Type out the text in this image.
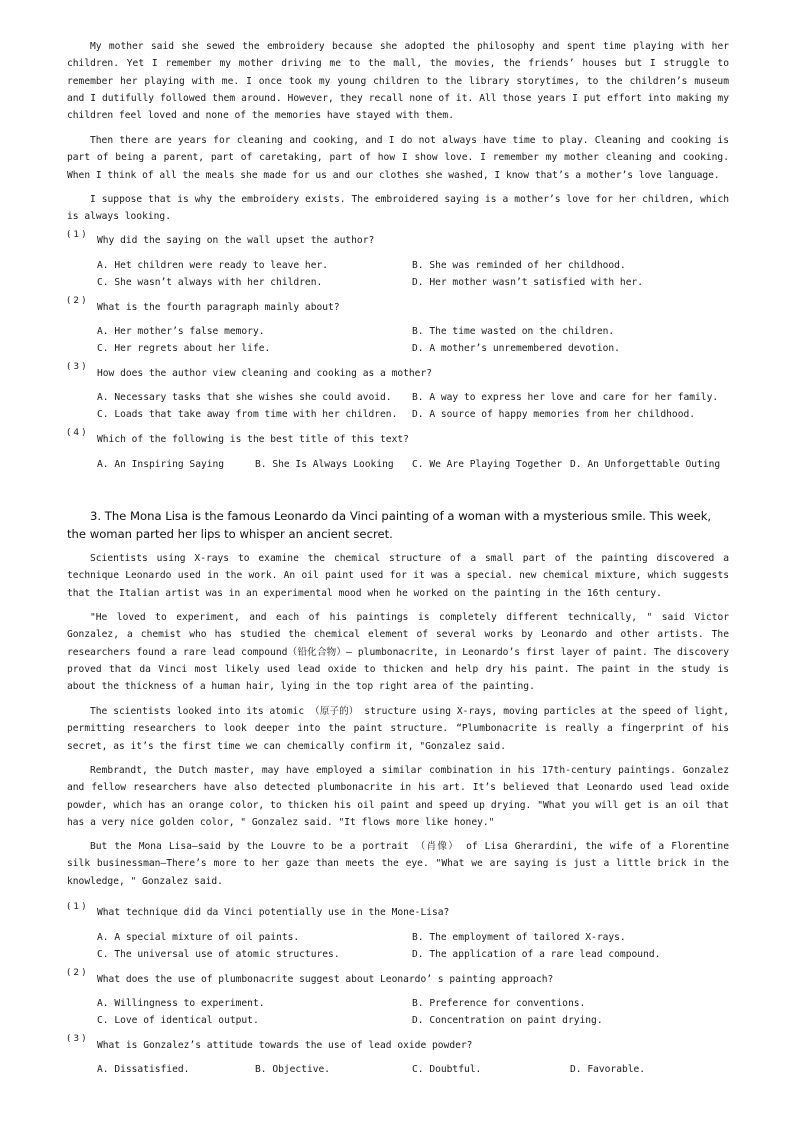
My mother said she sewed the embroidery because she adopted the philosophy and spent time playing with her children. Yet I remember my mother driving me to the mall, the movies, the friends’ houses but I struggle to remember her playing with me. I once took my young children to the library storytimes, to the children’s museum and I dutifully followed them around. However, they recall none of it. All those years I put effort into making my children feel loved and none of the memories have stayed with them.

Then there are years for cleaning and cooking, and I do not always have time to play. Cleaning and cooking is part of being a parent, part of caretaking, part of how I show love. I remember my mother cleaning and cooking. When I think of all the meals she made for us and our clothes she washed, I know that’s a mother’s love language.

I suppose that is why the embroidery exists. The embroidered saying is a mother’s love for her children, which is always looking.

( 1 ) Why did the saying on the wall upset the author?
A. Het children were ready to leave her.	B. She was reminded of her childhood.
C. She wasn’t always with her children.	D. Her mother wasn’t satisfied with her.
( 2 )
What is the fourth paragraph mainly about?
A. Her mother’s false memory.	B. The time wasted on the children.
C. Her regrets about her life.	D. A mother’s unremembered devotion.
( 3 )
How does the author view cleaning and cooking as a mother?
A. Necessary tasks that she wishes she could avoid. B. A way to express her love and care for her family.
C. Loads that take away from time with her children. D. A source of happy memories from her childhood.
( 4 )
Which of the following is the best title of this text?
A. An Inspiring Saying	B. She Is Always Looking C. We Are Playing Together D. An Unforgettable Outing

3. The Mona Lisa is the famous Leonardo da Vinci painting of a woman with a mysterious smile. This week, the woman parted her lips to whisper an ancient secret.

Scientists using X-rays to examine the chemical structure of a small part of the painting discovered a technique Leonardo used in the work. An oil paint used for it was a special. new chemical mixture, which suggests that the Italian artist was in an experimental mood when he worked on the painting in the 16th century.

"He loved to experiment, and each of his paintings is completely different technically, " said Victor Gonzalez, a chemist who has studied the chemical element of several works by Leonardo and other artists. The researchers found a rare lead compound（铅化合物）— plumbonacrite, in Leonardo’s first layer of paint. The discovery proved that da Vinci most likely used lead oxide to thicken and help dry his paint. The paint in the study is about the thickness of a human hair, lying in the top right area of the painting.

The scientists looked into its atomic （原子的） structure using X-rays, moving particles at the speed of light, permitting researchers to look deeper into the paint structure. “Plumbonacrite is really a fingerprint of his secret, as it’s the first time we can chemically confirm it, "Gonzalez said.

Rembrandt, the Dutch master, may have employed a similar combination in his 17th-century paintings. Gonzalez and fellow researchers have also detected plumbonacrite in his art. It’s believed that Leonardo used lead oxide powder, which has an orange color, to thicken his oil paint and speed up drying. "What you will get is an oil that has a very nice golden color, " Gonzalez said. "It flows more like honey."

But the Mona Lisa—said by the Louvre to be a portrait （肖像） of Lisa Gherardini, the wife of a Florentine silk businessman—There’s more to her gaze than meets the eye. "What we are saying is just a little brick in the knowledge, " Gonzalez said.

( 1 ) What technique did da Vinci potentially use in the Mone-Lisa?
A. A special mixture of oil paints.	B. The employment of tailored X-rays.
C. The universal use of atomic structures.	D. The application of a rare lead compound.
( 2 )
What does the use of plumbonacrite suggest about Leonardo’ s painting approach?
A. Willingness to experiment.	B. Preference for conventions.
C. Love of identical output.	D. Concentration on paint drying.
( 3 )
What is Gonzalez’s attitude towards the use of lead oxide powder?
A. Dissatisfied.	B. Objective.	C. Doubtful.	D. Favorable.
